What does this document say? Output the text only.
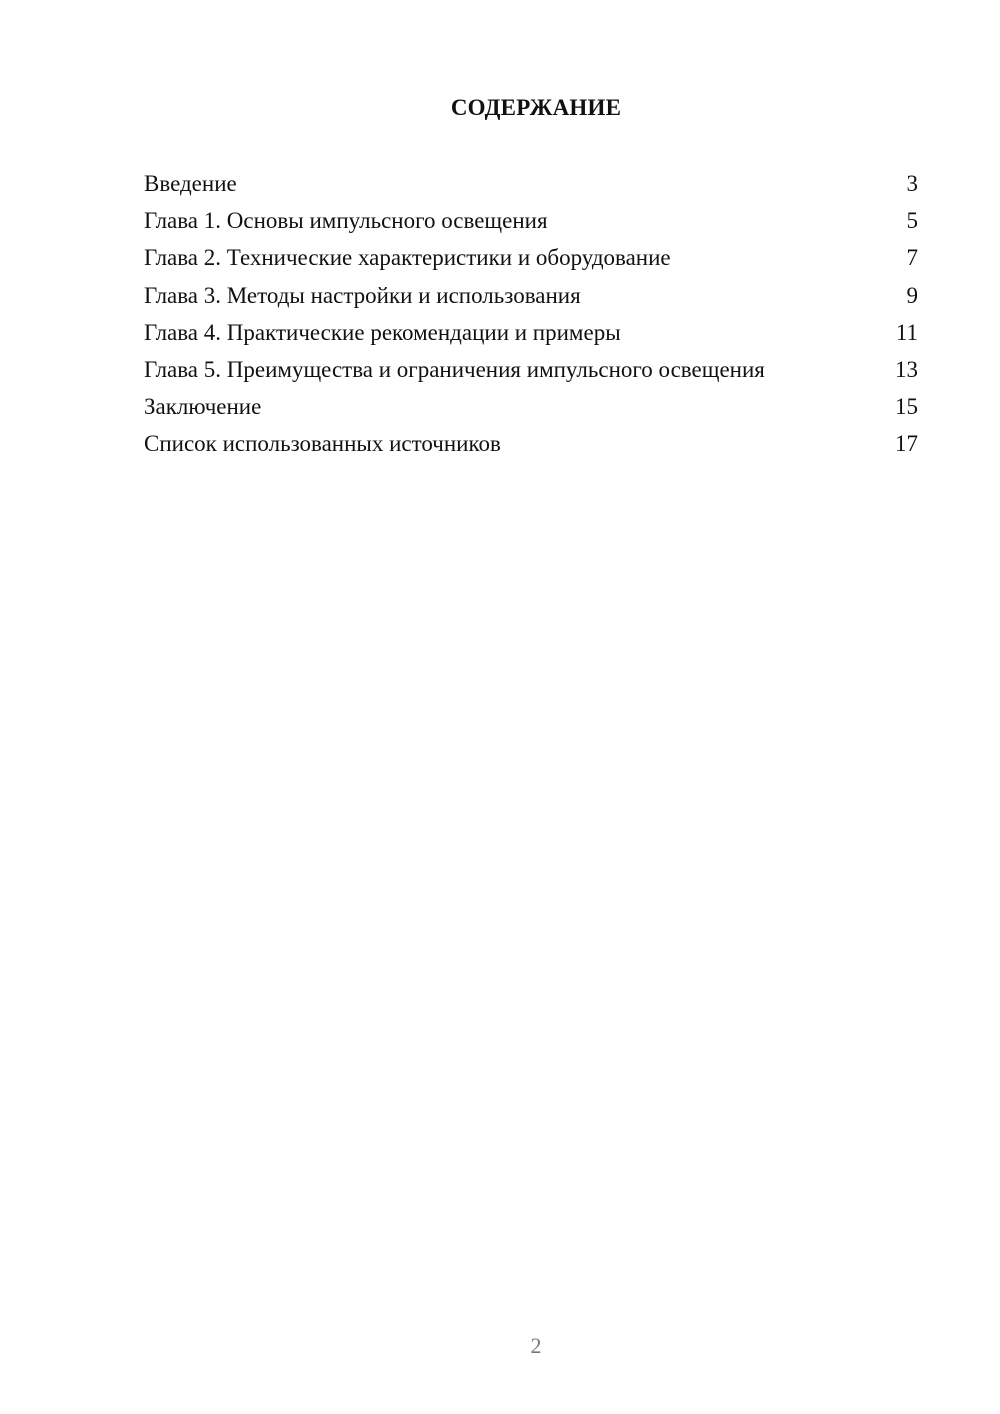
СОДЕРЖАНИЕ
Введение	3
Глава 1. Основы импульсного освещения	5
Глава 2. Технические характеристики и оборудование	7
Глава 3. Методы настройки и использования	9
Глава 4. Практические рекомендации и примеры	11
Глава 5. Преимущества и ограничения импульсного освещения	13
Заключение	15
Список использованных источников	17
2
